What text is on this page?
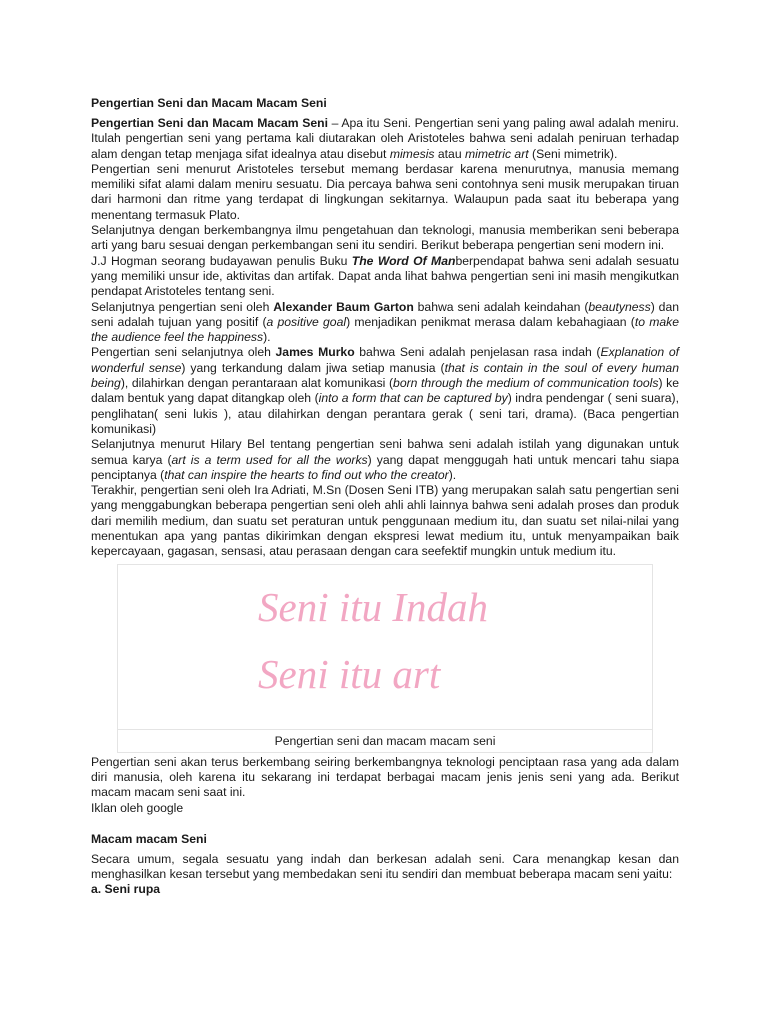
Pengertian Seni dan Macam Macam Seni

Pengertian Seni dan Macam Macam Seni – Apa itu Seni. Pengertian seni yang paling awal adalah meniru. Itulah pengertian seni yang pertama kali diutarakan oleh Aristoteles bahwa seni adalah peniruan terhadap alam dengan tetap menjaga sifat idealnya atau disebut mimesis atau mimetric art (Seni mimetrik).

Pengertian seni menurut Aristoteles tersebut memang berdasar karena menurutnya, manusia memang memiliki sifat alami dalam meniru sesuatu. Dia percaya bahwa seni contohnya seni musik merupakan tiruan dari harmoni dan ritme yang terdapat di lingkungan sekitarnya. Walaupun pada saat itu beberapa yang menentang termasuk Plato.

Selanjutnya dengan berkembangnya ilmu pengetahuan dan teknologi, manusia memberikan seni beberapa arti yang baru sesuai dengan perkembangan seni itu sendiri. Berikut beberapa pengertian seni modern ini.

J.J Hogman seorang budayawan penulis Buku The Word Of Manberpendapat bahwa seni adalah sesuatu yang memiliki unsur ide, aktivitas dan artifak. Dapat anda lihat bahwa pengertian seni ini masih mengikutkan pendapat Aristoteles tentang seni.

Selanjutnya pengertian seni oleh Alexander Baum Garton bahwa seni adalah keindahan (beautyness) dan seni adalah tujuan yang positif (a positive goal) menjadikan penikmat merasa dalam kebahagiaan (to make the audience feel the happiness).

Pengertian seni selanjutnya oleh James Murko bahwa Seni adalah penjelasan rasa indah (Explanation of wonderful sense) yang terkandung dalam jiwa setiap manusia (that is contain in the soul of every human being), dilahirkan dengan perantaraan alat komunikasi (born through the medium of communication tools) ke dalam bentuk yang dapat ditangkap oleh (into a form that can be captured by) indra pendengar ( seni suara), penglihatan( seni lukis ), atau dilahirkan dengan perantara gerak ( seni tari, drama). (Baca pengertian komunikasi)

Selanjutnya menurut Hilary Bel tentang pengertian seni bahwa seni adalah istilah yang digunakan untuk semua karya (art is a term used for all the works) yang dapat menggugah hati untuk mencari tahu siapa penciptanya (that can inspire the hearts to find out who the creator).

Terakhir, pengertian seni oleh Ira Adriati, M.Sn (Dosen Seni ITB) yang merupakan salah satu pengertian seni yang menggabungkan beberapa pengertian seni oleh ahli ahli lainnya bahwa seni adalah proses dan produk dari memilih medium, dan suatu set peraturan untuk penggunaan medium itu, dan suatu set nilai-nilai yang menentukan apa yang pantas dikirimkan dengan ekspresi lewat medium itu, untuk menyampaikan baik kepercayaan, gagasan, sensasi, atau perasaan dengan cara seefektif mungkin untuk medium itu.

Seni itu Indah
Seni itu art
Pengertian seni dan macam macam seni

Pengertian seni akan terus berkembang seiring berkembangnya teknologi penciptaan rasa yang ada dalam diri manusia, oleh karena itu sekarang ini terdapat berbagai macam jenis jenis seni yang ada. Berikut macam macam seni saat ini.

Iklan oleh google

Macam macam Seni

Secara umum, segala sesuatu yang indah dan berkesan adalah seni. Cara menangkap kesan dan menghasilkan kesan tersebut yang membedakan seni itu sendiri dan membuat beberapa macam seni yaitu:

a. Seni rupa
